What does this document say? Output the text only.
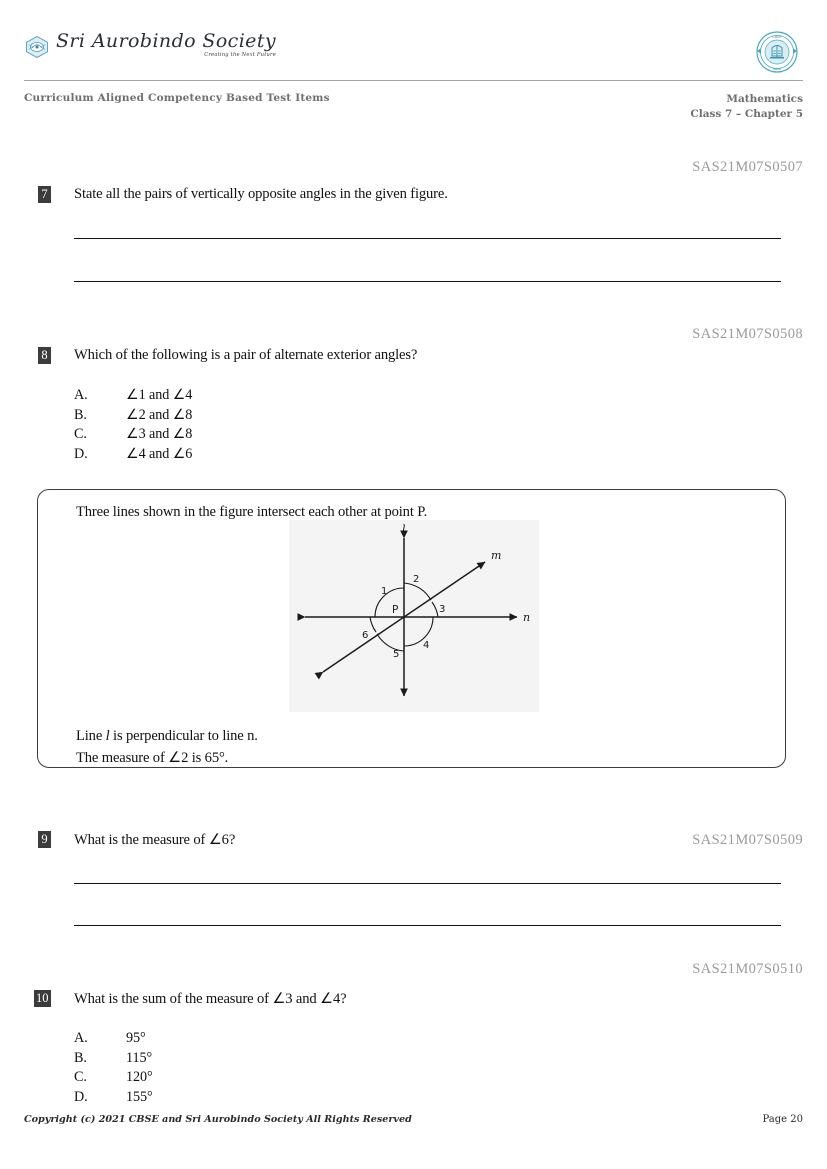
Sri Aurobindo Society
Creating the Next Future
CBSE
INDIA
Curriculum Aligned Competency Based Test Items	Mathematics
Class 7 – Chapter 5
SAS21M07S0507
7 State all the pairs of vertically opposite angles in the given figure.
SAS21M07S0508
8 Which of the following is a pair of alternate exterior angles?
A.	∠1 and ∠4
B.	∠2 and ∠8
C.	∠3 and ∠8
D.	∠4 and ∠6
Three lines shown in the figure intersect each other at point P.
l
m
n
P
1
2
3
4
5
6
Line l is perpendicular to line n.
The measure of ∠2 is 65°.
SAS21M07S0509
9 What is the measure of ∠6?
SAS21M07S0510
10 What is the sum of the measure of ∠3 and ∠4?
A.	95°
B.	115°
C.	120°
D.	155°
Copyright (c) 2021 CBSE and Sri Aurobindo Society All Rights Reserved	Page 20
